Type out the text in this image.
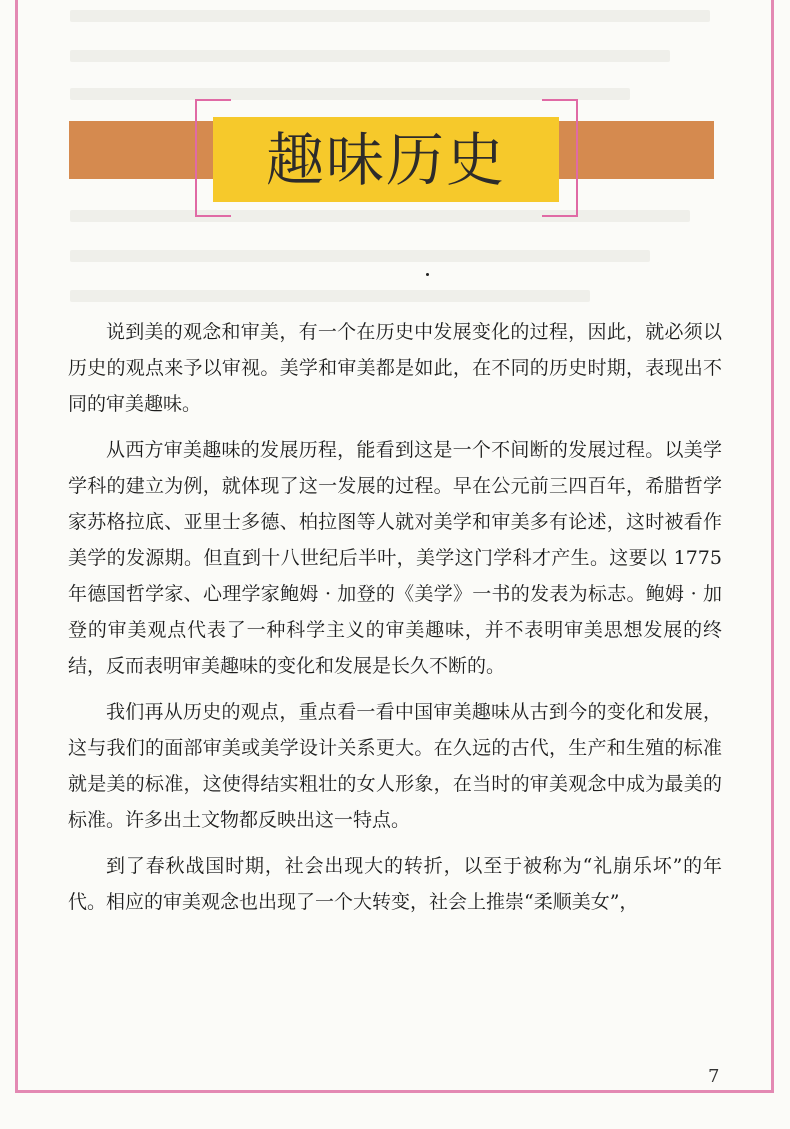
趣味历史

说到美的观念和审美，有一个在历史中发展变化的过程，因此，就必须以历史的观点来予以审视。美学和审美都是如此，在不同的历史时期，表现出不同的审美趣味。

从西方审美趣味的发展历程，能看到这是一个不间断的发展过程。以美学学科的建立为例，就体现了这一发展的过程。早在公元前三四百年，希腊哲学家苏格拉底、亚里士多德、柏拉图等人就对美学和审美多有论述，这时被看作美学的发源期。但直到十八世纪后半叶，美学这门学科才产生。这要以 1775 年德国哲学家、心理学家鲍姆 · 加登的《美学》一书的发表为标志。鲍姆 · 加登的审美观点代表了一种科学主义的审美趣味，并不表明审美思想发展的终结，反而表明审美趣味的变化和发展是长久不断的。

我们再从历史的观点，重点看一看中国审美趣味从古到今的变化和发展，这与我们的面部审美或美学设计关系更大。在久远的古代，生产和生殖的标准就是美的标准，这使得结实粗壮的女人形象，在当时的审美观念中成为最美的标准。许多出土文物都反映出这一特点。

到了春秋战国时期，社会出现大的转折，以至于被称为“礼崩乐坏”的年代。相应的审美观念也出现了一个大转变，社会上推崇“柔顺美女”，

7
